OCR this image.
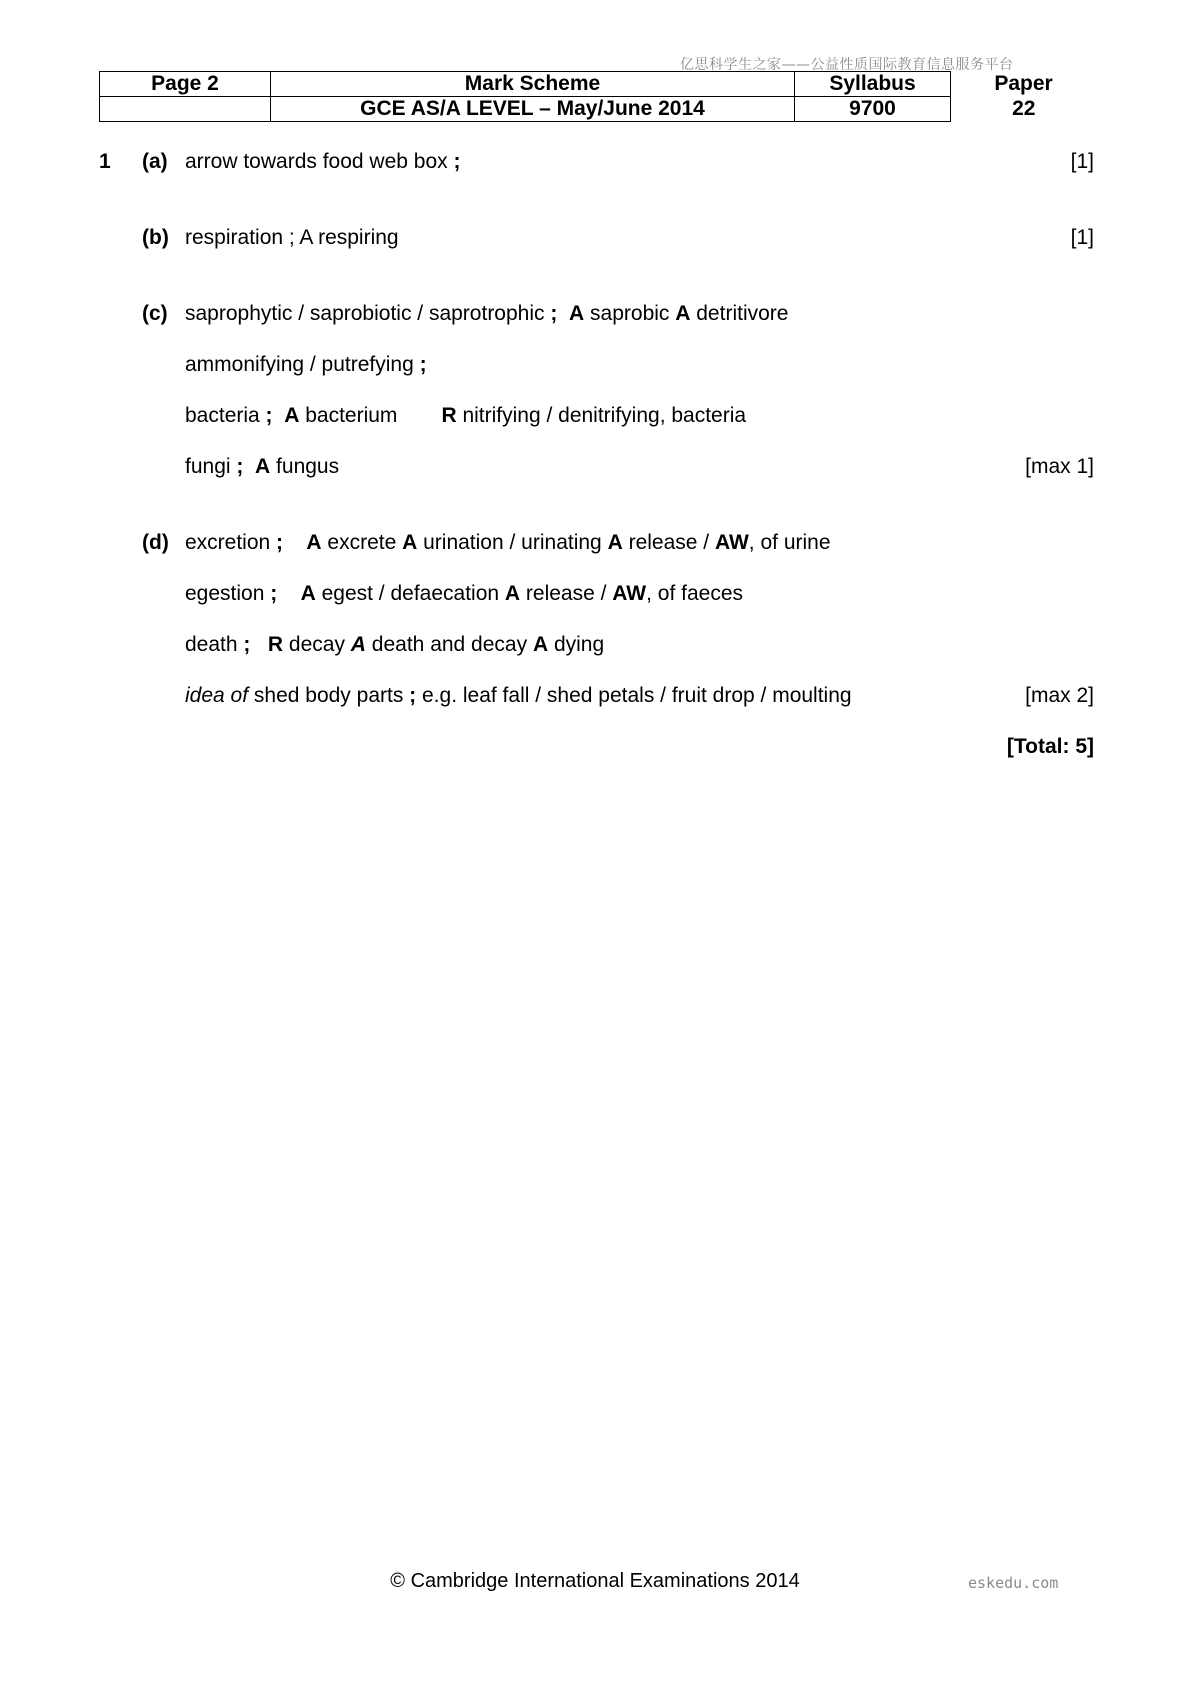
亿思科学生之家——公益性质国际教育信息服务平台
Page 2	Mark Scheme	Syllabus	Paper
	GCE AS/A LEVEL – May/June 2014	9700	22
1 (a) arrow towards food web box ;	[1]
(b) respiration ; A respiring	[1]
(c) saprophytic / saprobiotic / saprotrophic ; A saprobic A detritivore
ammonifying / putrefying ;
bacteria ; A bacterium R nitrifying / denitrifying, bacteria
fungi ; A fungus	[max 1]
(d) excretion ; A excrete A urination / urinating A release / AW, of urine
egestion ; A egest / defaecation A release / AW, of faeces
death ; R decay A death and decay A dying
idea of shed body parts ; e.g. leaf fall / shed petals / fruit drop / moulting	[max 2]
[Total: 5]
© Cambridge International Examinations 2014	eskedu.com
